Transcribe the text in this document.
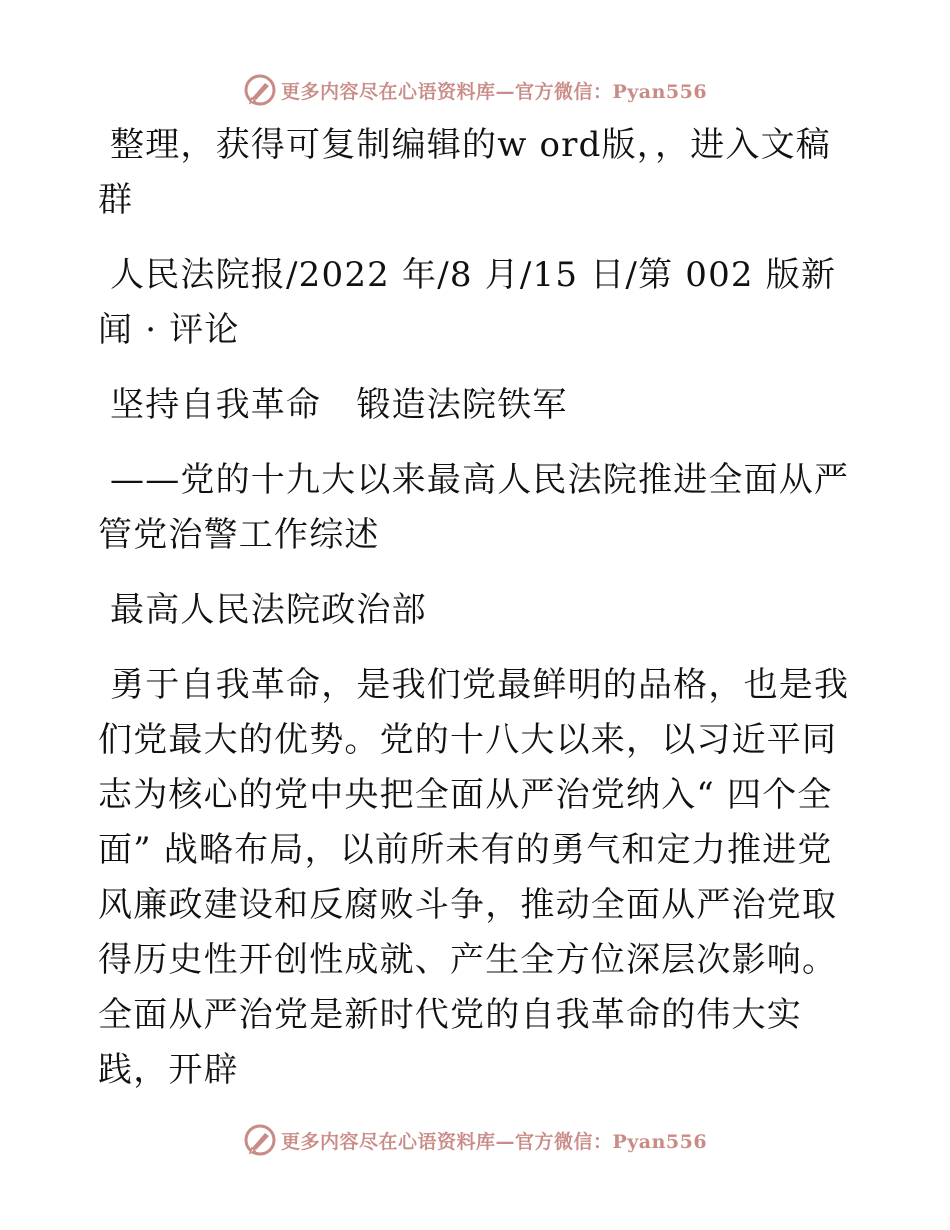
更多内容尽在心语资料库—官方微信：Pyan556

整理，获得可复制编辑的w ord版，，进入文稿群

人民法院报/2022 年/8 月/15 日/第 002 版新闻 · 评论

坚持自我革命　锻造法院铁军

——党的十九大以来最高人民法院推进全面从严管党治警工作综述

最高人民法院政治部

勇于自我革命，是我们党最鲜明的品格，也是我们党最大的优势。党的十八大以来，以习近平同志为核心的党中央把全面从严治党纳入“ 四个全面” 战略布局，以前所未有的勇气和定力推进党风廉政建设和反腐败斗争，推动全面从严治党取得历史性开创性成就、产生全方位深层次影响。全面从严治党是新时代党的自我革命的伟大实践，开辟

更多内容尽在心语资料库—官方微信：Pyan556
